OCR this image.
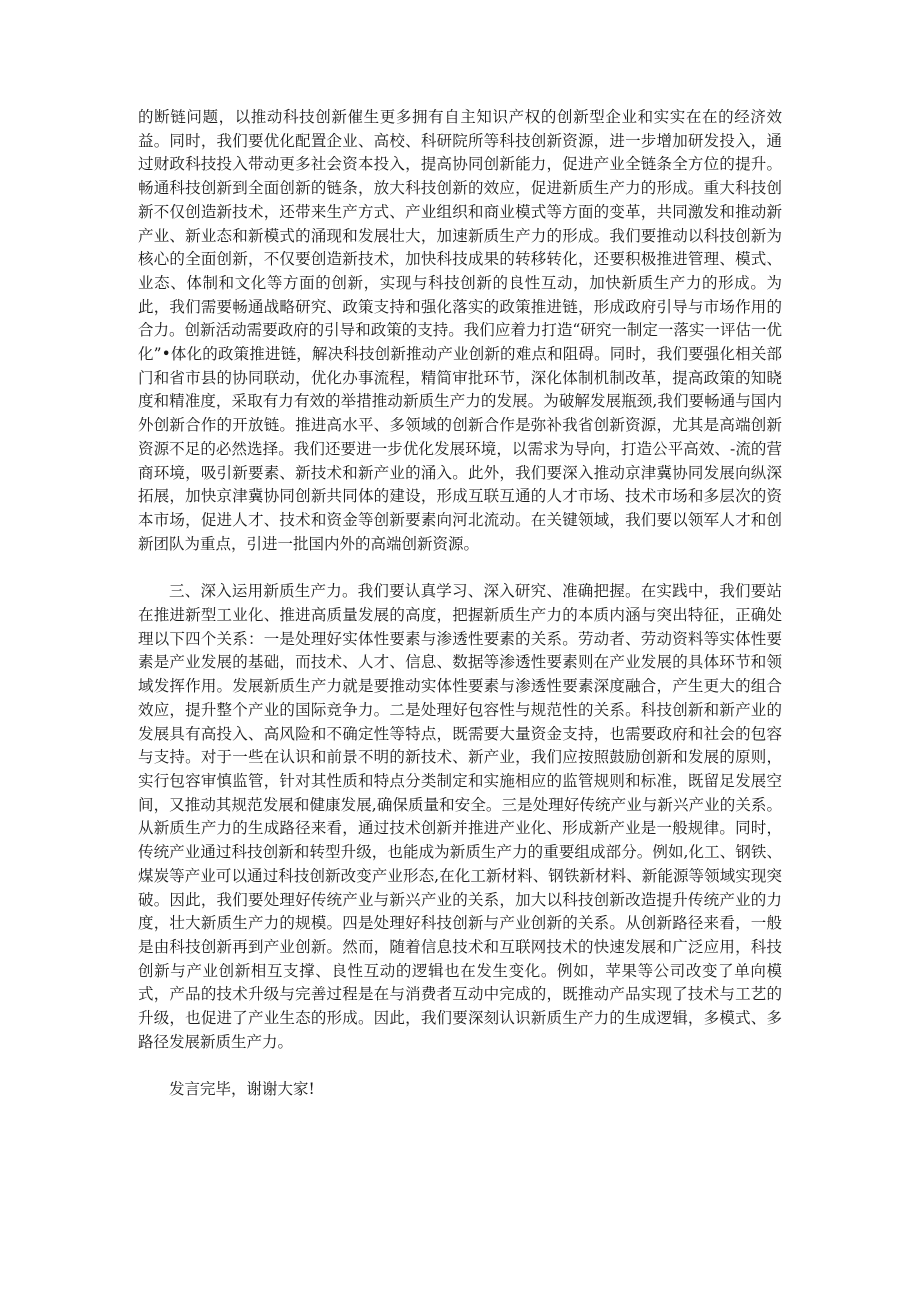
的断链问题，以推动科技创新催生更多拥有自主知识产权的创新型企业和实实在在的经济效益。同时，我们要优化配置企业、高校、科研院所等科技创新资源，进一步增加研发投入，通过财政科技投入带动更多社会资本投入，提高协同创新能力，促进产业全链条全方位的提升。畅通科技创新到全面创新的链条，放大科技创新的效应，促进新质生产力的形成。重大科技创新不仅创造新技术，还带来生产方式、产业组织和商业模式等方面的变革，共同激发和推动新产业、新业态和新模式的涌现和发展壮大，加速新质生产力的形成。我们要推动以科技创新为核心的全面创新，不仅要创造新技术，加快科技成果的转移转化，还要积极推进管理、模式、业态、体制和文化等方面的创新，实现与科技创新的良性互动，加快新质生产力的形成。为此，我们需要畅通战略研究、政策支持和强化落实的政策推进链，形成政府引导与市场作用的合力。创新活动需要政府的引导和政策的支持。我们应着力打造“研究一制定一落实一评估一优化”•体化的政策推进链，解决科技创新推动产业创新的难点和阻碍。同时，我们要强化相关部门和省市县的协同联动，优化办事流程，精简审批环节，深化体制机制改革，提高政策的知晓度和精准度，采取有力有效的举措推动新质生产力的发展。为破解发展瓶颈,我们要畅通与国内外创新合作的开放链。推进高水平、多领域的创新合作是弥补我省创新资源，尤其是高端创新资源不足的必然选择。我们还要进一步优化发展环境，以需求为导向，打造公平高效、-流的营商环境，吸引新要素、新技术和新产业的涌入。此外，我们要深入推动京津冀协同发展向纵深拓展，加快京津冀协同创新共同体的建设，形成互联互通的人才市场、技术市场和多层次的资本市场，促进人才、技术和资金等创新要素向河北流动。在关键领域，我们要以领军人才和创新团队为重点，引进一批国内外的高端创新资源。

三、深入运用新质生产力。我们要认真学习、深入研究、准确把握。在实践中，我们要站在推进新型工业化、推进高质量发展的高度，把握新质生产力的本质内涵与突出特征，正确处理以下四个关系：一是处理好实体性要素与渗透性要素的关系。劳动者、劳动资料等实体性要素是产业发展的基础，而技术、人才、信息、数据等渗透性要素则在产业发展的具体环节和领域发挥作用。发展新质生产力就是要推动实体性要素与渗透性要素深度融合，产生更大的组合效应，提升整个产业的国际竞争力。二是处理好包容性与规范性的关系。科技创新和新产业的发展具有高投入、高风险和不确定性等特点，既需要大量资金支持，也需要政府和社会的包容与支持。对于一些在认识和前景不明的新技术、新产业，我们应按照鼓励创新和发展的原则，实行包容审慎监管，针对其性质和特点分类制定和实施相应的监管规则和标准，既留足发展空间，又推动其规范发展和健康发展,确保质量和安全。三是处理好传统产业与新兴产业的关系。从新质生产力的生成路径来看，通过技术创新并推进产业化、形成新产业是一般规律。同时，传统产业通过科技创新和转型升级，也能成为新质生产力的重要组成部分。例如,化工、钢铁、煤炭等产业可以通过科技创新改变产业形态,在化工新材料、钢铁新材料、新能源等领域实现突破。因此，我们要处理好传统产业与新兴产业的关系，加大以科技创新改造提升传统产业的力度，壮大新质生产力的规模。四是处理好科技创新与产业创新的关系。从创新路径来看，一般是由科技创新再到产业创新。然而，随着信息技术和互联网技术的快速发展和广泛应用，科技创新与产业创新相互支撑、良性互动的逻辑也在发生变化。例如，苹果等公司改变了单向模式，产品的技术升级与完善过程是在与消费者互动中完成的，既推动产品实现了技术与工艺的升级，也促进了产业生态的形成。因此，我们要深刻认识新质生产力的生成逻辑，多模式、多路径发展新质生产力。

发言完毕，谢谢大家!
